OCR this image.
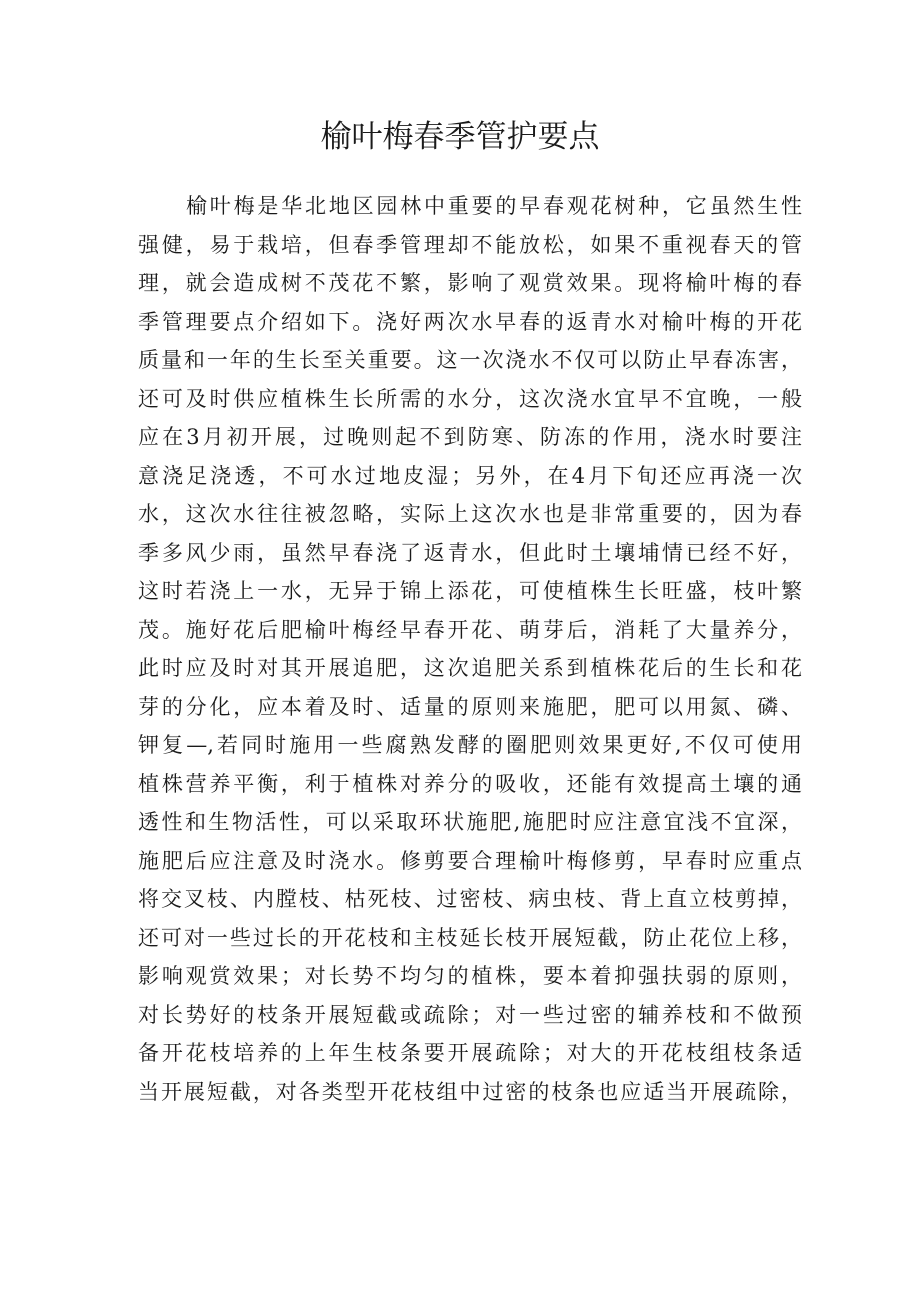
榆叶梅春季管护要点
榆叶梅是华北地区园林中重要的早春观花树种，它虽然生性
强健，易于栽培，但春季管理却不能放松，如果不重视春天的管
理，就会造成树不茂花不繁，影响了观赏效果。现将榆叶梅的春
季管理要点介绍如下。浇好两次水早春的返青水对榆叶梅的开花
质量和一年的生长至关重要。这一次浇水不仅可以防止早春冻害，
还可及时供应植株生长所需的水分，这次浇水宜早不宜晚，一般
应在3月初开展，过晚则起不到防寒、防冻的作用，浇水时要注
意浇足浇透，不可水过地皮湿；另外，在4月下旬还应再浇一次
水，这次水往往被忽略，实际上这次水也是非常重要的，因为春
季多风少雨，虽然早春浇了返青水，但此时土壤埔情已经不好，
这时若浇上一水，无异于锦上添花，可使植株生长旺盛，枝叶繁
茂。施好花后肥榆叶梅经早春开花、萌芽后，消耗了大量养分，
此时应及时对其开展追肥，这次追肥关系到植株花后的生长和花
芽的分化，应本着及时、适量的原则来施肥，肥可以用氮、磷、
钾复—,若同时施用一些腐熟发酵的圈肥则效果更好,不仅可使用
植株营养平衡，利于植株对养分的吸收，还能有效提高土壤的通
透性和生物活性，可以采取环状施肥,施肥时应注意宜浅不宜深，
施肥后应注意及时浇水。修剪要合理榆叶梅修剪，早春时应重点
将交叉枝、内膛枝、枯死枝、过密枝、病虫枝、背上直立枝剪掉，
还可对一些过长的开花枝和主枝延长枝开展短截，防止花位上移，
影响观赏效果；对长势不均匀的植株，要本着抑强扶弱的原则，
对长势好的枝条开展短截或疏除；对一些过密的辅养枝和不做预
备开花枝培养的上年生枝条要开展疏除；对大的开花枝组枝条适
当开展短截，对各类型开花枝组中过密的枝条也应适当开展疏除，
